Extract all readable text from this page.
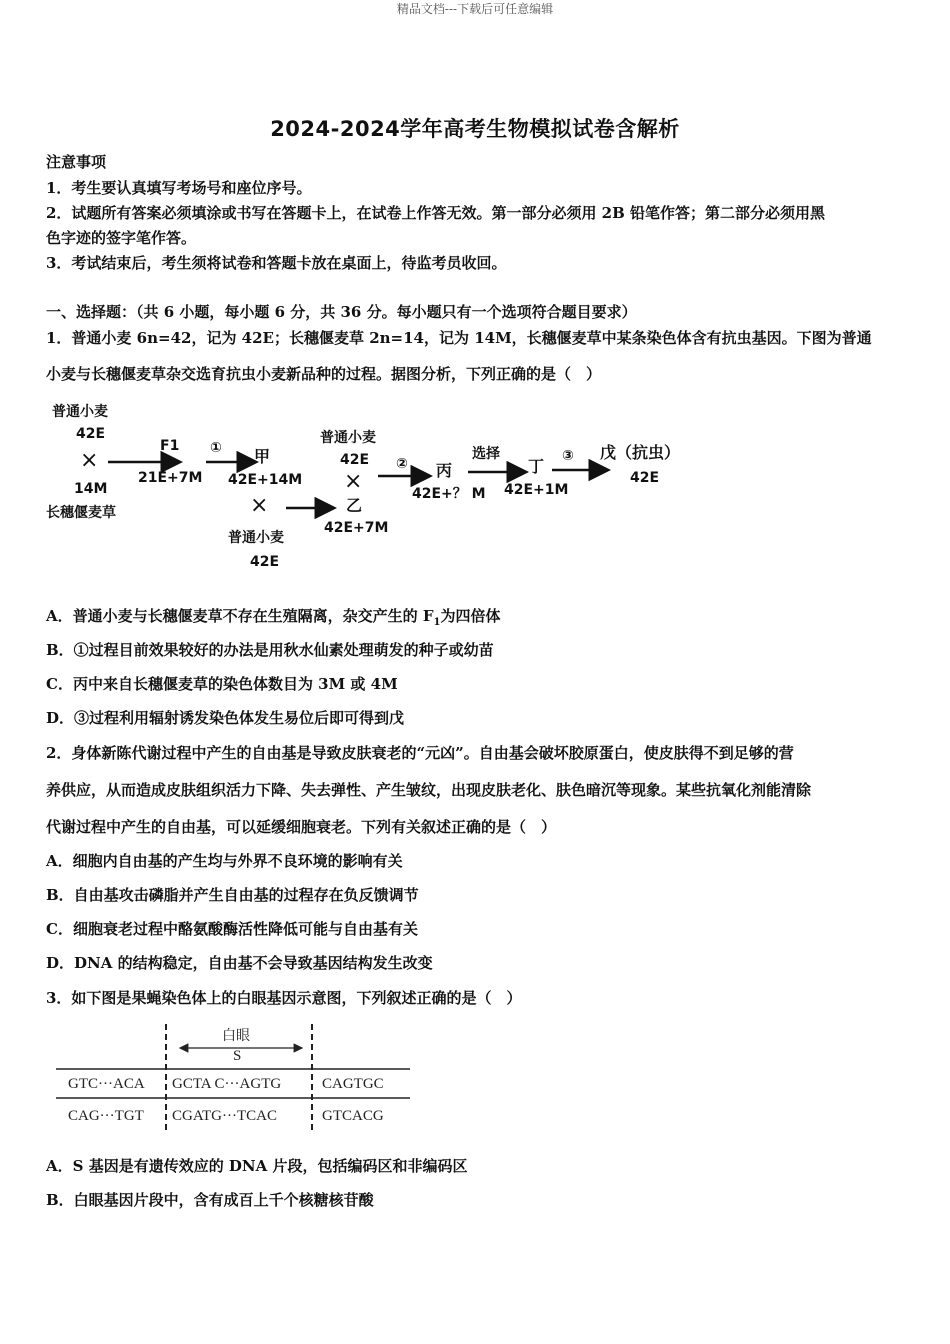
精品文档---下载后可任意编辑
2024-2024学年高考生物模拟试卷含解析
注意事项
1．考生要认真填写考场号和座位序号。
2．试题所有答案必须填涂或书写在答题卡上，在试卷上作答无效。第一部分必须用 2B 铅笔作答；第二部分必须用黑
色字迹的签字笔作答。
3．考试结束后，考生须将试卷和答题卡放在桌面上，待监考员收回。
一、选择题：（共 6 小题，每小题 6 分，共 36 分。每小题只有一个选项符合题目要求）
1．普通小麦 6n=42，记为 42E；长穗偃麦草 2n=14，记为 14M，长穗偃麦草中某条染色体含有抗虫基因。下图为普通
小麦与长穗偃麦草杂交选育抗虫小麦新品种的过程。据图分析，下列正确的是（　）
普通小麦
42E
×
14M
长穗偃麦草
F1
21E+7M
① 甲
42E+14M
×
普通小麦
42E
普通小麦
42E
×
乙
42E+7M
② 丙
42E+？ M
选择
丁
42E+1M
③ 戊（抗虫）
42E
A．普通小麦与长穗偃麦草不存在生殖隔离，杂交产生的 $F_1$为四倍体
B．①过程目前效果较好的办法是用秋水仙素处理萌发的种子或幼苗
C．丙中来自长穗偃麦草的染色体数目为 3M 或 4M
D．③过程利用辐射诱发染色体发生易位后即可得到戊
2．身体新陈代谢过程中产生的自由基是导致皮肤衰老的“元凶”。自由基会破坏胶原蛋白，使皮肤得不到足够的营
养供应，从而造成皮肤组织活力下降、失去弹性、产生皱纹，出现皮肤老化、肤色暗沉等现象。某些抗氧化剂能清除
代谢过程中产生的自由基，可以延缓细胞衰老。下列有关叙述正确的是（　）
A．细胞内自由基的产生均与外界不良环境的影响有关
B．自由基攻击磷脂并产生自由基的过程存在负反馈调节
C．细胞衰老过程中酪氨酸酶活性降低可能与自由基有关
D．DNA 的结构稳定，自由基不会导致基因结构发生改变
3．如下图是果蝇染色体上的白眼基因示意图，下列叙述正确的是（　）
白眼
S
GTC···ACA GCTA C···AGTG	CAGTGC
CAG···TGT CGATG···TCAC	GTCACG
A．S 基因是有遗传效应的 DNA 片段，包括编码区和非编码区
B．白眼基因片段中，含有成百上千个核糖核苷酸
